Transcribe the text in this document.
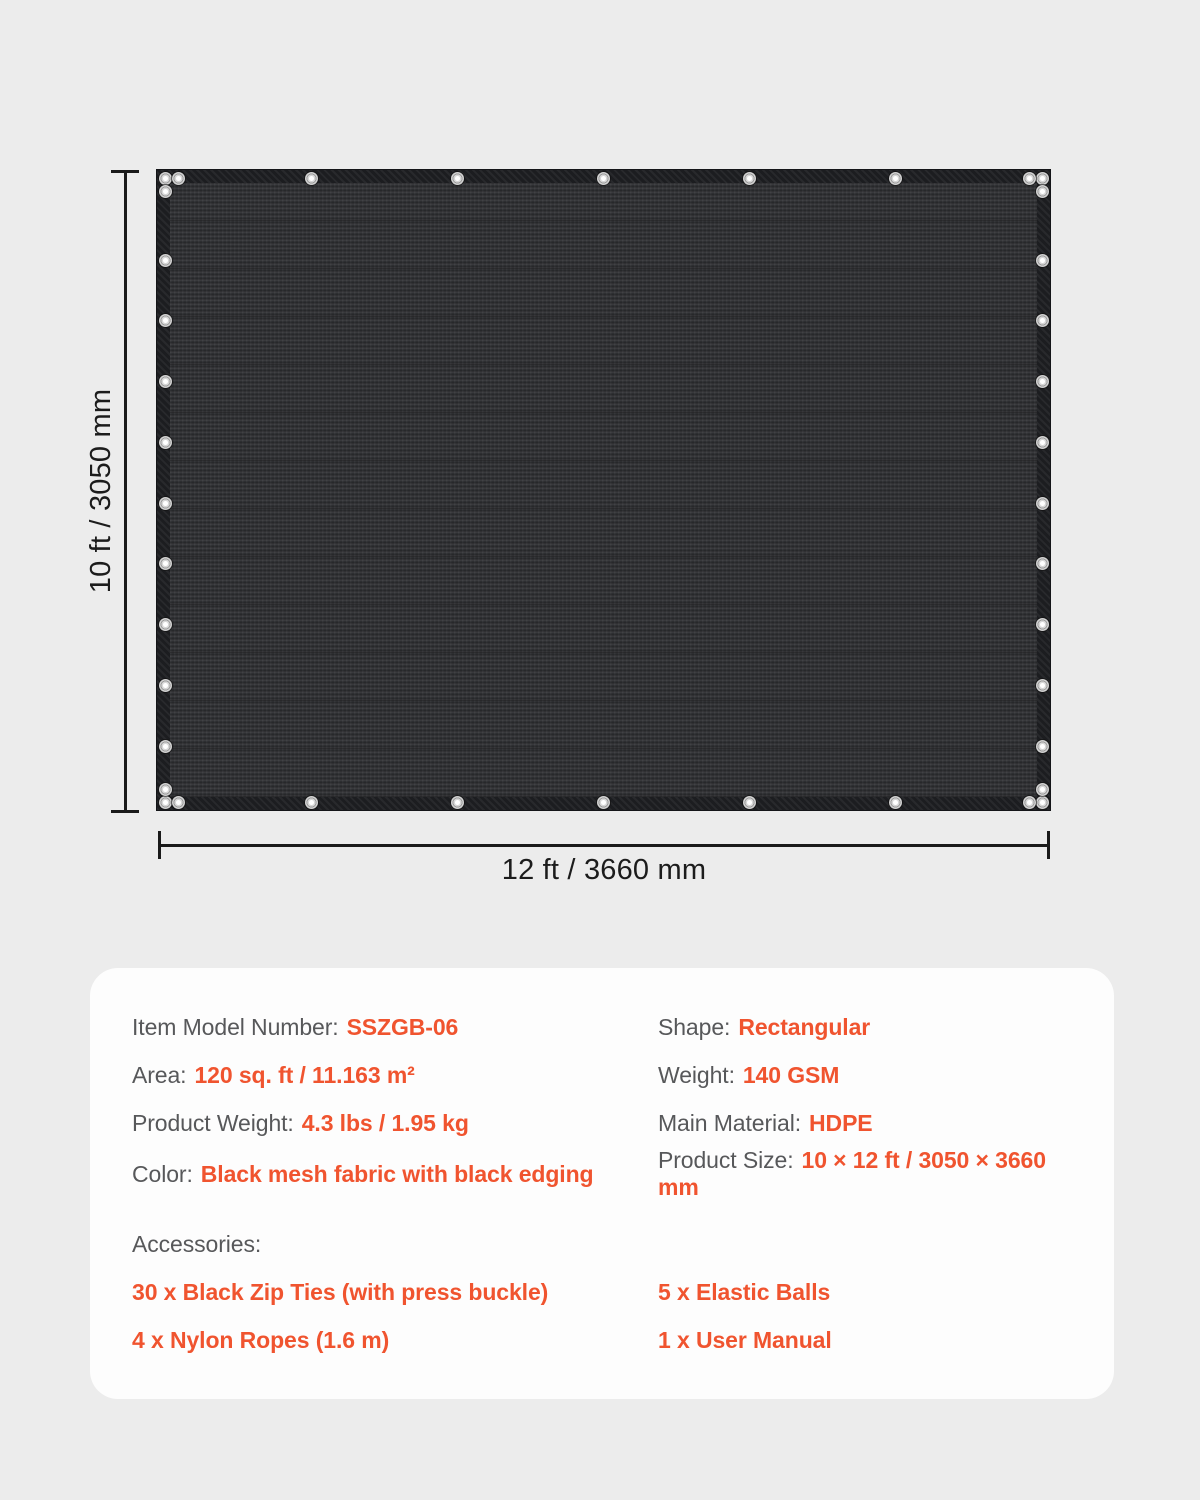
10 ft / 3050 mm
12 ft / 3660 mm
Item Model Number: SSZGB-06	Shape: Rectangular
Area: 120 sq. ft / 11.163 m²	Weight: 140 GSM
Product Weight: 4.3 lbs / 1.95 kg	Main Material: HDPE
Color: Black mesh fabric with black edging
Product Size: 10 × 12 ft / 3050 × 3660 mm
Accessories:
30 x Black Zip Ties (with press buckle)	5 x Elastic Balls
4 x Nylon Ropes (1.6 m)	1 x User Manual
